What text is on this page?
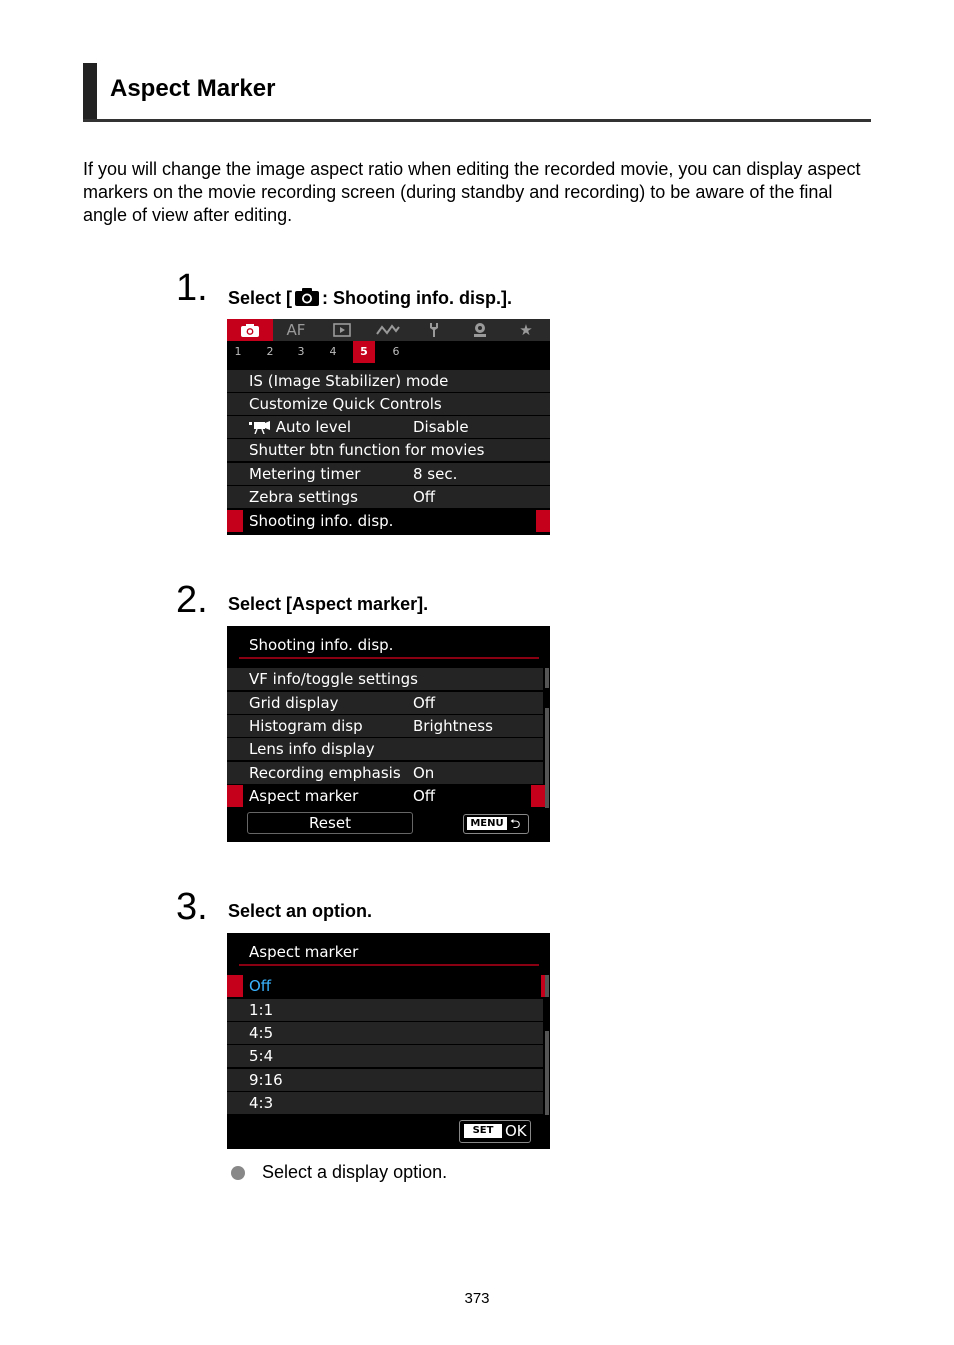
Aspect Marker
If you will change the image aspect ratio when editing the recorded movie, you can display aspect markers on the movie recording screen (during standby and recording) to be aware of the final angle of view after editing.
1. Select [ : Shooting info. disp.].
AF	★
1	2	3	4	5	6
IS (Image Stabilizer) mode
Customize Quick Controls
Auto level	Disable
Shutter btn function for movies
Metering timer	8 sec.
Zebra settings	Off
Shooting info. disp.
2. Select [Aspect marker].
Shooting info. disp.
VF info/toggle settings
Grid display	Off
Histogram disp	Brightness
Lens info display
Recording emphasis On
Aspect marker	Off
Reset	MENU ⮌
3. Select an option.
Aspect marker
Off
1:1
4:5
5:4
9:16
4:3
SET OK
Select a display option.
373
